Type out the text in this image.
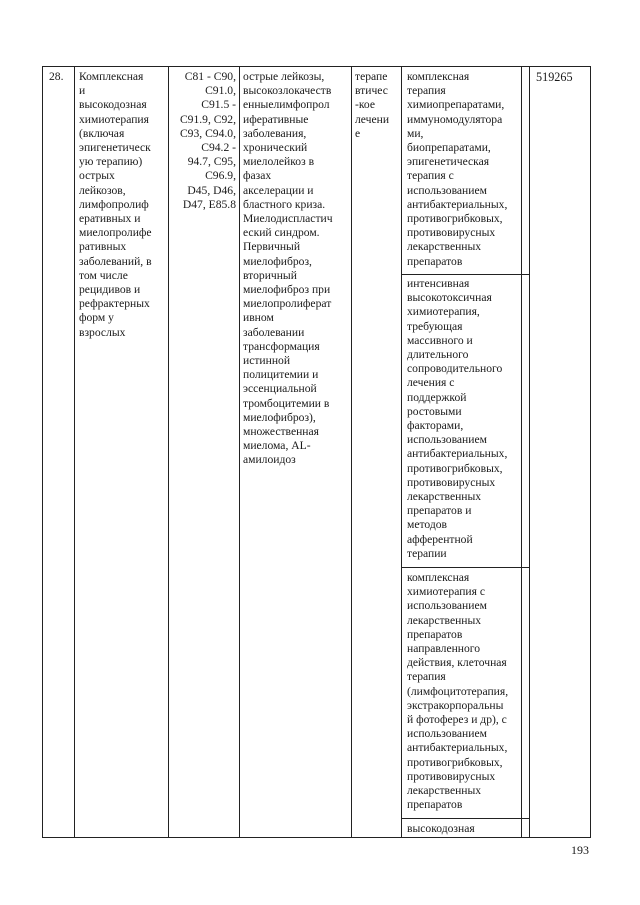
28.	Комплексная
и
высокодозная
химиотерапия
(включая
эпигенетическ
ую терапию)
острых
лейкозов,
лимфопролиф
еративных и
миелопролифе
ративных
заболеваний, в
том числе
рецидивов и
рефрактерных
форм у
взрослых
C81 - C90,
C91.0,
C91.5 -
C91.9, C92,
C93, C94.0,
C94.2 -
94.7, C95,
C96.9,
D45, D46,
D47, E85.8
острые лейкозы,
высокозлокачеств
енныелимфопрол
иферативные
заболевания,
хронический
миелолейкоз в
фазах
акселерации и
бластного криза.
Миелодиспластич
еский синдром.
Первичный
миелофиброз,
вторичный
миелофиброз при
миелопролиферат
ивном
заболевании
трансформация
истинной
полицитемии и
эссенциальной
тромбоцитемии в
миелофиброз),
множественная
миелома, AL-
амилоидоз
терапе
втичес
-кое
лечени
е
комплексная
терапия
химиопрепаратами,
иммуномодулятора
ми,
биопрепаратами,
эпигенетическая
терапия с
использованием
антибактериальных,
противогрибковых,
противовирусных
лекарственных
препаратов
интенсивная
высокотоксичная
химиотерапия,
требующая
массивного и
длительного
сопроводительного
лечения с
поддержкой
ростовыми
факторами,
использованием
антибактериальных,
противогрибковых,
противовирусных
лекарственных
препаратов и
методов
афферентной
терапии
комплексная
химиотерапия с
использованием
лекарственных
препаратов
направленного
действия, клеточная
терапия
(лимфоцитотерапия,
экстракорпоральны
й фотоферез и др), с
использованием
антибактериальных,
противогрибковых,
противовирусных
лекарственных
препаратов
высокодозная
519265
193
